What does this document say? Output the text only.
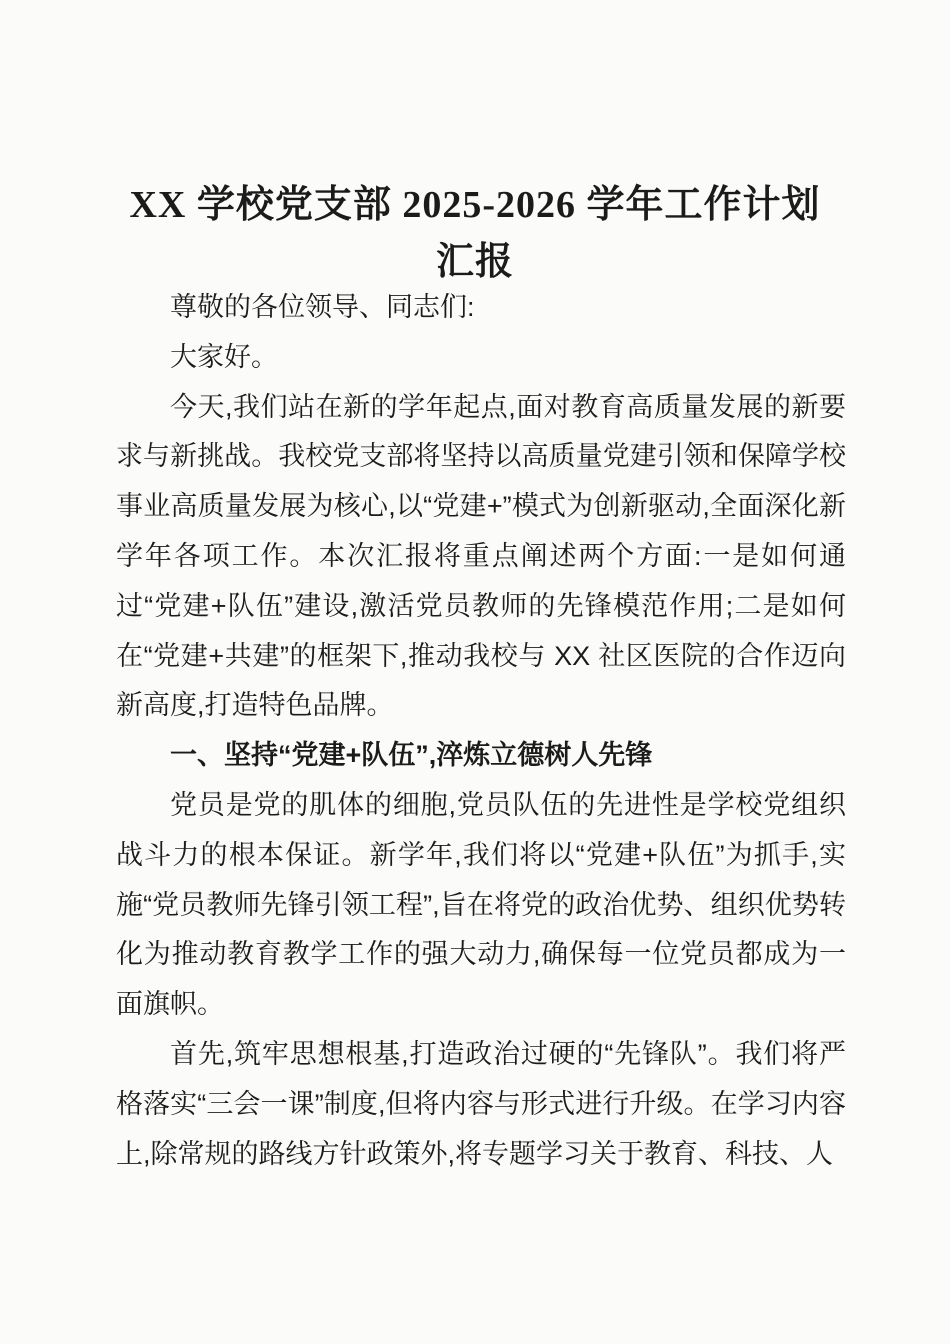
XX 学校党支部 2025-2026 学年工作计划汇报

尊敬的各位领导、同志们:

大家好。

今天,我们站在新的学年起点,面对教育高质量发展的新要求与新挑战。我校党支部将坚持以高质量党建引领和保障学校事业高质量发展为核心,以“党建+”模式为创新驱动,全面深化新学年各项工作。本次汇报将重点阐述两个方面:一是如何通过“党建+队伍”建设,激活党员教师的先锋模范作用;二是如何在“党建+共建”的框架下,推动我校与 XX 社区医院的合作迈向新高度,打造特色品牌。

一、坚持“党建+队伍”,淬炼立德树人先锋

党员是党的肌体的细胞,党员队伍的先进性是学校党组织战斗力的根本保证。新学年,我们将以“党建+队伍”为抓手,实施“党员教师先锋引领工程”,旨在将党的政治优势、组织优势转化为推动教育教学工作的强大动力,确保每一位党员都成为一面旗帜。

首先,筑牢思想根基,打造政治过硬的“先锋队”。我们将严格落实“三会一课”制度,但将内容与形式进行升级。在学习内容上,除常规的路线方针政策外,将专题学习关于教育、科技、人
